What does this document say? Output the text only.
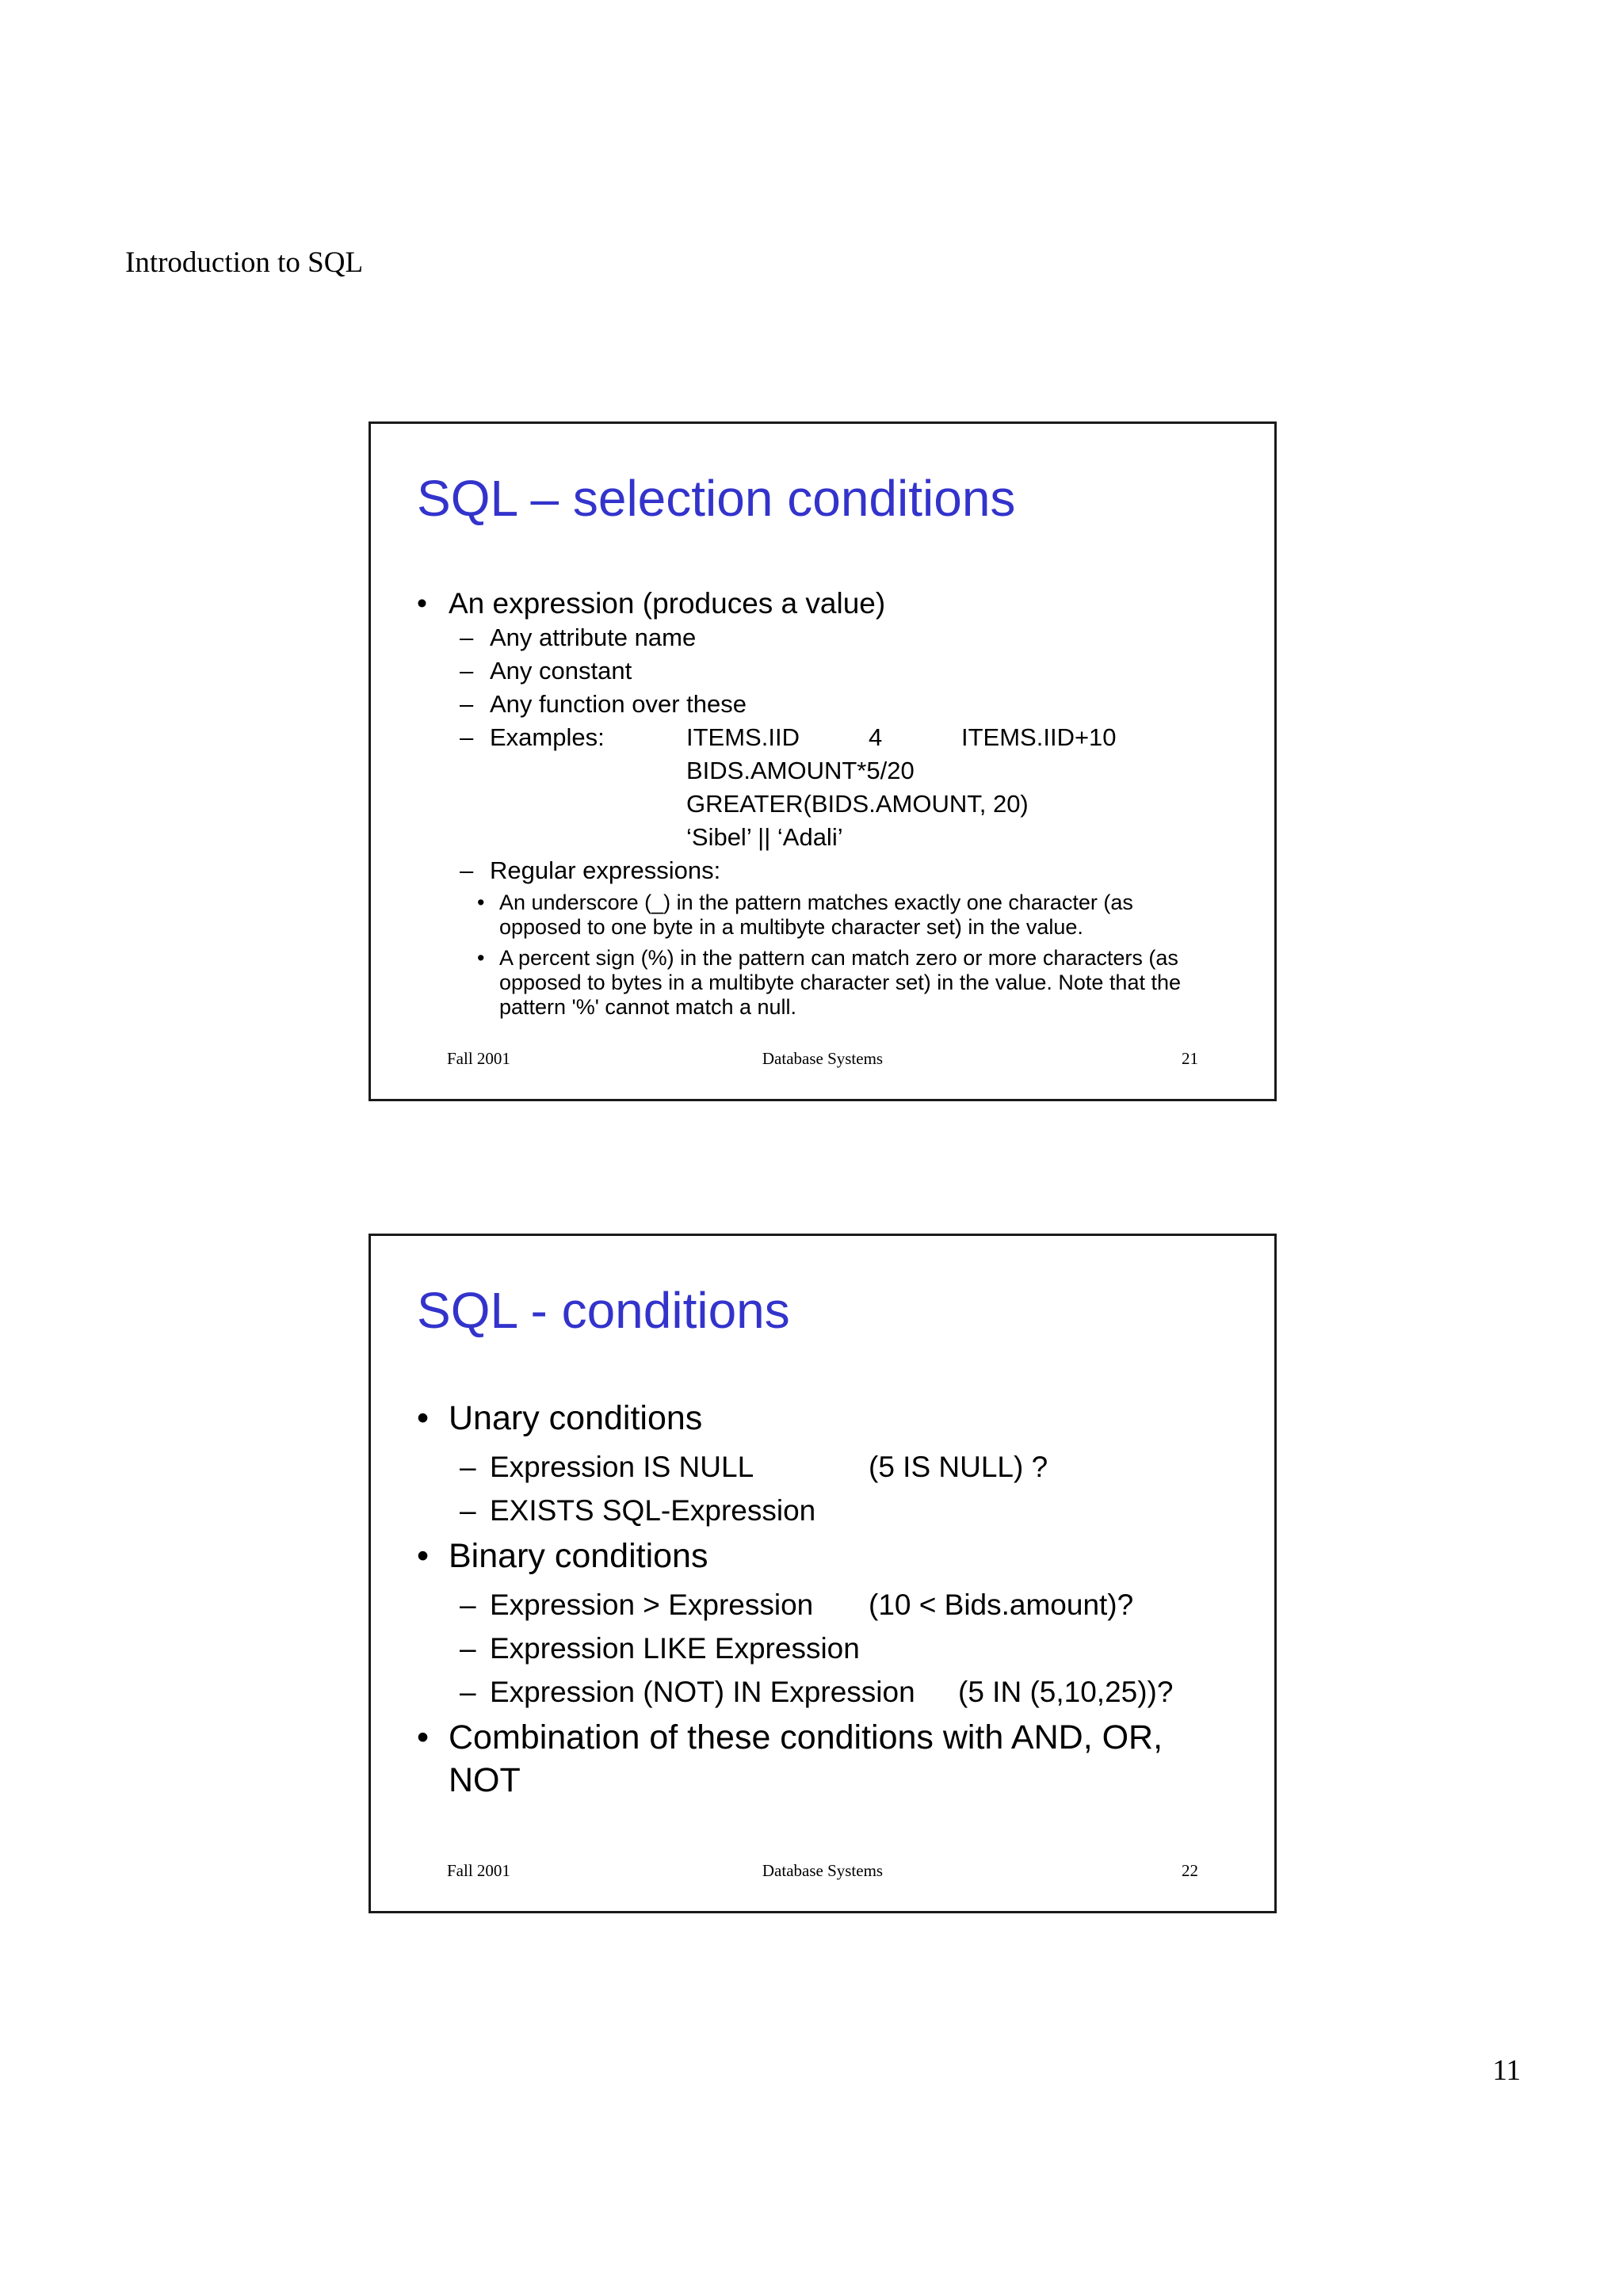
Introduction to SQL
SQL – selection conditions
• An expression (produces a value)
– Any attribute name
– Any constant
– Any function over these
– Examples:	ITEMS.IID	4	ITEMS.IID+10
BIDS.AMOUNT*5/20
GREATER(BIDS.AMOUNT, 20)
‘Sibel’ || ‘Adali’
– Regular expressions:
• An underscore (_) in the pattern matches exactly one character (as opposed to one byte in a multibyte character set) in the value.
• A percent sign (%) in the pattern can match zero or more characters (as opposed to bytes in a multibyte character set) in the value. Note that the pattern '%' cannot match a null.
Fall 2001	Database Systems	21
SQL - conditions
• Unary conditions
– Expression IS NULL	(5 IS NULL) ?
– EXISTS SQL-Expression
• Binary conditions
– Expression > Expression (10 < Bids.amount)?
– Expression LIKE Expression
– Expression (NOT) IN Expression (5 IN (5,10,25))?
• Combination of these conditions with AND, OR,
NOT
Fall 2001	Database Systems	22
11
